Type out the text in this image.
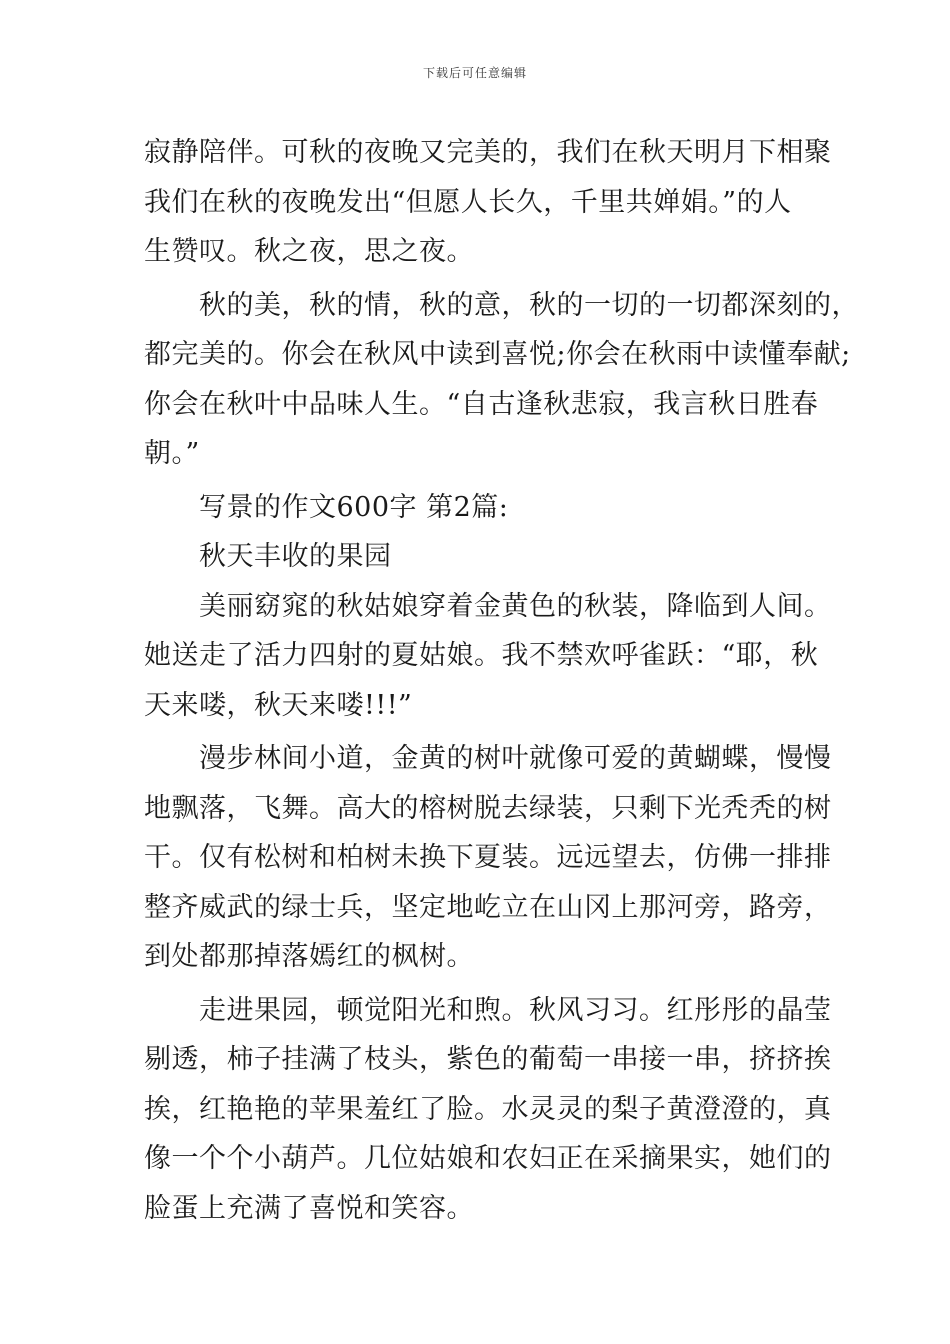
下载后可任意编辑
寂静陪伴。可秋的夜晚又完美的，我们在秋天明月下相聚
我们在秋的夜晚发出“但愿人长久，千里共婵娟。”的人
生赞叹。秋之夜，思之夜。
秋的美，秋的情，秋的意，秋的一切的一切都深刻的，
都完美的。你会在秋风中读到喜悦;你会在秋雨中读懂奉献;
你会在秋叶中品味人生。“自古逢秋悲寂，我言秋日胜春
朝。”
写景的作文600字 第2篇:
秋天丰收的果园
美丽窈窕的秋姑娘穿着金黄色的秋装，降临到人间。
她送走了活力四射的夏姑娘。我不禁欢呼雀跃：“耶，秋
天来喽，秋天来喽!!!”
漫步林间小道，金黄的树叶就像可爱的黄蝴蝶，慢慢
地飘落，飞舞。高大的榕树脱去绿装，只剩下光秃秃的树
干。仅有松树和柏树未换下夏装。远远望去，仿佛一排排
整齐威武的绿士兵，坚定地屹立在山冈上那河旁，路旁，
到处都那掉落嫣红的枫树。
走进果园，顿觉阳光和煦。秋风习习。红彤彤的晶莹
剔透，柿子挂满了枝头，紫色的葡萄一串接一串，挤挤挨
挨，红艳艳的苹果羞红了脸。水灵灵的梨子黄澄澄的，真
像一个个小葫芦。几位姑娘和农妇正在采摘果实，她们的
脸蛋上充满了喜悦和笑容。
